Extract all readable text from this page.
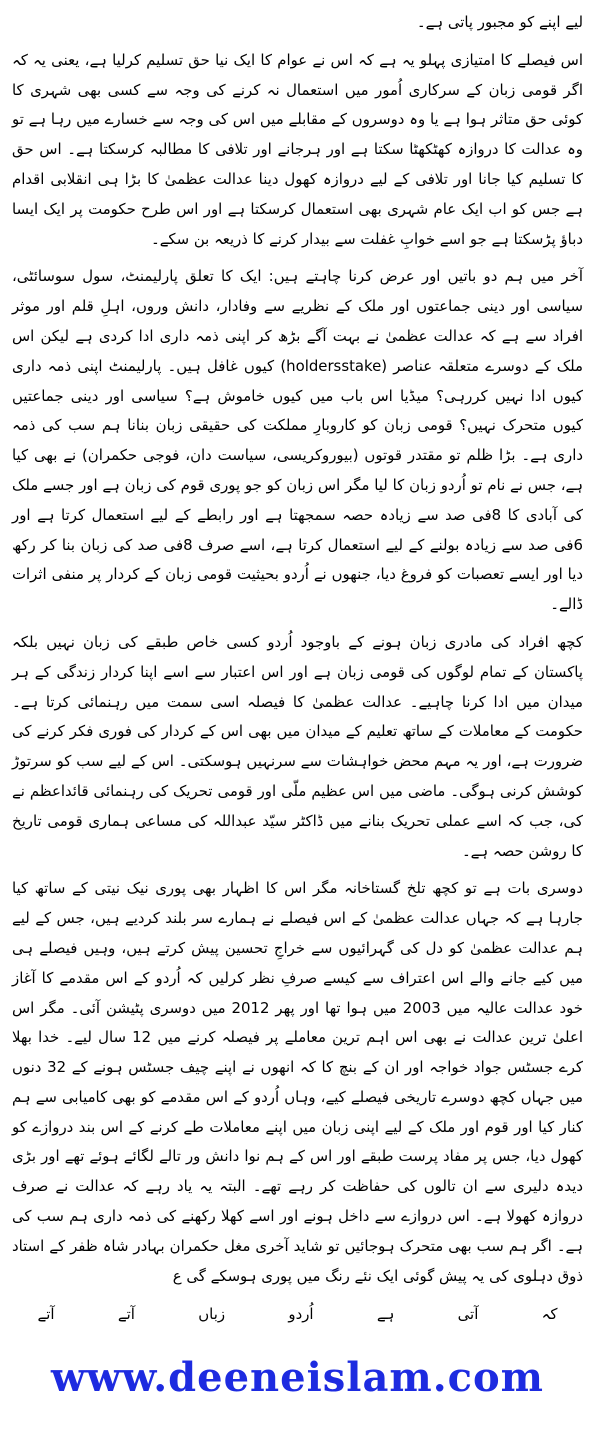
لیے اپنے کو مجبور پاتی ہے۔

اس فیصلے کا امتیازی پہلو یہ ہے کہ اس نے عوام کا ایک نیا حق تسلیم کرلیا ہے، یعنی یہ کہ اگر قومی زبان کے سرکاری اُمور میں استعمال نہ کرنے کی وجہ سے کسی بھی شہری کا کوئی حق متاثر ہوا ہے یا وہ دوسروں کے مقابلے میں اس کی وجہ سے خسارے میں رہا ہے تو وہ عدالت کا دروازہ کھٹکھٹا سکتا ہے اور ہرجانے اور تلافی کا مطالبہ کرسکتا ہے۔ اس حق کا تسلیم کیا جانا اور تلافی کے لیے دروازہ کھول دینا عدالت عظمیٰ کا بڑا ہی انقلابی اقدام ہے جس کو اب ایک عام شہری بھی استعمال کرسکتا ہے اور اس طرح حکومت پر ایک ایسا دباؤ پڑسکتا ہے جو اسے خوابِ غفلت سے بیدار کرنے کا ذریعہ بن سکے۔

آخر میں ہم دو باتیں اور عرض کرنا چاہتے ہیں: ایک کا تعلق پارلیمنٹ، سول سوسائٹی، سیاسی اور دینی جماعتوں اور ملک کے نظریے سے وفادار، دانش وروں، اہلِ قلم اور موثر افراد سے ہے کہ عدالت عظمیٰ نے بہت آگے بڑھ کر اپنی ذمہ داری ادا کردی ہے لیکن اس ملک کے دوسرے متعلقہ عناصر (holdersstake) کیوں غافل ہیں۔ پارلیمنٹ اپنی ذمہ داری کیوں ادا نہیں کررہی؟ میڈیا اس باب میں کیوں خاموش ہے؟ سیاسی اور دینی جماعتیں کیوں متحرک نہیں؟ قومی زبان کو کاروبارِ مملکت کی حقیقی زبان بنانا ہم سب کی ذمہ داری ہے۔ بڑا ظلم تو مقتدر قوتوں (بیوروکریسی، سیاست دان، فوجی حکمران) نے بھی کیا ہے، جس نے نام تو اُردو زبان کا لیا مگر اس زبان کو جو پوری قوم کی زبان ہے اور جسے ملک کی آبادی کا 8فی صد سے زیادہ حصہ سمجھتا ہے اور رابطے کے لیے استعمال کرتا ہے اور 6فی صد سے زیادہ بولنے کے لیے استعمال کرتا ہے، اسے صرف 8فی صد کی زبان بنا کر رکھ دیا اور ایسے تعصبات کو فروغ دیا، جنھوں نے اُردو بحیثیت قومی زبان کے کردار پر منفی اثرات ڈالے۔

کچھ افراد کی مادری زبان ہونے کے باوجود اُردو کسی خاص طبقے کی زبان نہیں بلکہ پاکستان کے تمام لوگوں کی قومی زبان ہے اور اس اعتبار سے اسے اپنا کردار زندگی کے ہر میدان میں ادا کرنا چاہیے۔ عدالت عظمیٰ کا فیصلہ اسی سمت میں رہنمائی کرتا ہے۔ حکومت کے معاملات کے ساتھ تعلیم کے میدان میں بھی اس کے کردار کی فوری فکر کرنے کی ضرورت ہے، اور یہ مہم محض خواہشات سے سرنہیں ہوسکتی۔ اس کے لیے سب کو سرتوڑ کوشش کرنی ہوگی۔ ماضی میں اس عظیم ملّی اور قومی تحریک کی رہنمائی قائداعظم نے کی، جب کہ اسے عملی تحریک بنانے میں ڈاکٹر سیّد عبداللہ کی مساعی ہماری قومی تاریخ کا روشن حصہ ہے۔

دوسری بات ہے تو کچھ تلخ گستاخانہ مگر اس کا اظہار بھی پوری نیک نیتی کے ساتھ کیا جارہا ہے کہ جہاں عدالت عظمیٰ کے اس فیصلے نے ہمارے سر بلند کردیے ہیں، جس کے لیے ہم عدالت عظمیٰ کو دل کی گہرائیوں سے خراجِ تحسین پیش کرتے ہیں، وہیں فیصلے ہی میں کیے جانے والے اس اعتراف سے کیسے صرفِ نظر کرلیں کہ اُردو کے اس مقدمے کا آغاز خود عدالت عالیہ میں 2003 میں ہوا تھا اور پھر 2012 میں دوسری پٹیشن آئی۔ مگر اس اعلیٰ ترین عدالت نے بھی اس اہم ترین معاملے پر فیصلہ کرنے میں 12 سال لیے۔ خدا بھلا کرے جسٹس جواد خواجہ اور ان کے بنچ کا کہ انھوں نے اپنے چیف جسٹس ہونے کے 32 دنوں میں جہاں کچھ دوسرے تاریخی فیصلے کیے، وہاں اُردو کے اس مقدمے کو بھی کامیابی سے ہم کنار کیا اور قوم اور ملک کے لیے اپنی زبان میں اپنے معاملات طے کرنے کے اس بند دروازے کو کھول دیا، جس پر مفاد پرست طبقے اور اس کے ہم نوا دانش ور تالے لگائے ہوئے تھے اور بڑی دیدہ دلیری سے ان تالوں کی حفاظت کر رہے تھے۔ البتہ یہ یاد رہے کہ عدالت نے صرف دروازہ کھولا ہے۔ اس دروازے سے داخل ہونے اور اسے کھلا رکھنے کی ذمہ داری ہم سب کی ہے۔ اگر ہم سب بھی متحرک ہوجائیں تو شاید آخری مغل حکمران بہادر شاہ ظفر کے استاد ذوق دہلوی کی یہ پیش گوئی ایک نئے رنگ میں پوری ہوسکے گی ع

کہ
آتی
ہے
اُردو
زباں
آتے
آتے
www.deeneislam.com
